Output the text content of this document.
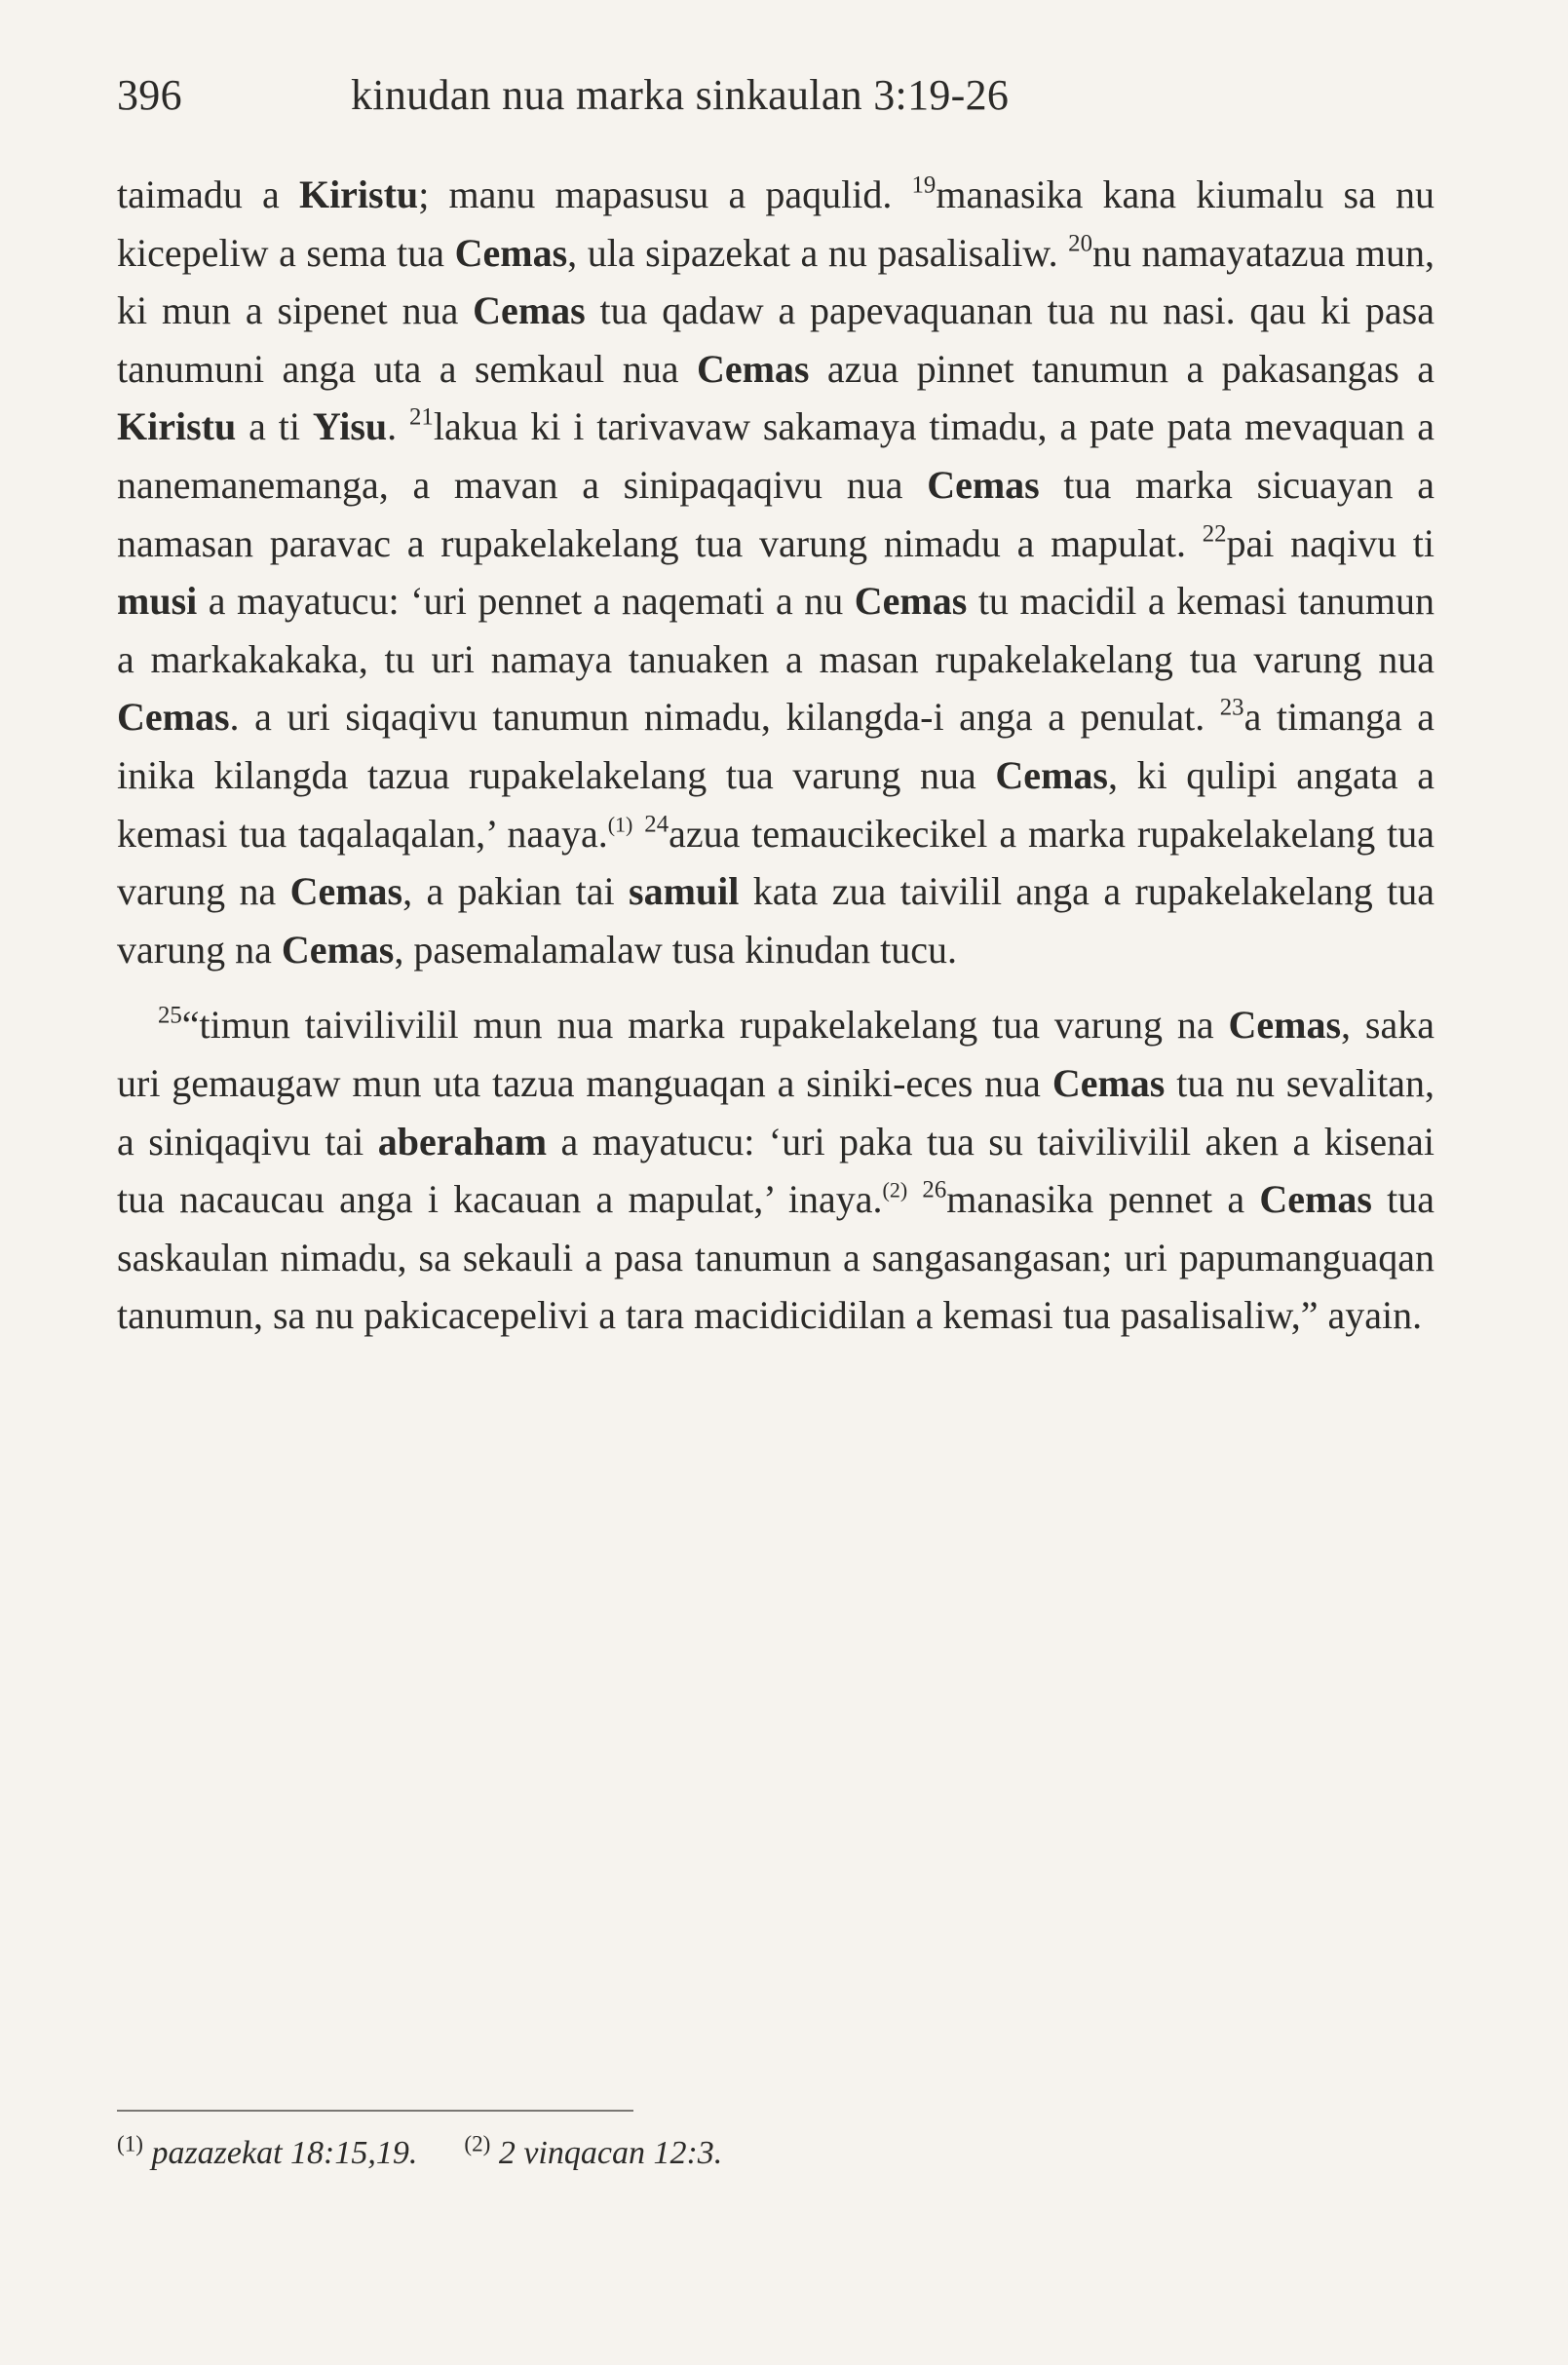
396	kinudan nua marka sinkaulan 3:19-26

taimadu a Kiristu; manu mapasusu a paqulid. $^{19}$manasika kana kiumalu sa nu kicepeliw a sema tua Cemas, ula sipazekat a nu pasalisaliw. $^{20}$nu namayatazua mun, ki mun a sipenet nua Cemas tua qadaw a papevaquanan tua nu nasi. qau ki pasa tanumuni anga uta a semkaul nua Cemas azua pinnet tanumun a pakasangas a Kiristu a ti Yisu. $^{21}$lakua ki i tarivavaw sakamaya timadu, a pate pata mevaquan a nanemanemanga, a mavan a sinipaqaqivu nua Cemas tua marka sicuayan a namasan paravac a rupakelakelang tua varung nimadu a mapulat. $^{22}$pai naqivu ti musi a mayatucu: ‘uri pennet a naqemati a nu Cemas tu macidil a kemasi tanumun a markakakaka, tu uri namaya tanuaken a masan rupakelakelang tua varung nua Cemas. a uri siqaqivu tanumun nimadu, kilangda-i anga a penulat. $^{23}$a timanga a inika kilangda tazua rupakelakelang tua varung nua Cemas, ki qulipi angata a kemasi tua taqalaqalan,’ naaya.$^{(1)}$ $^{24}$azua temaucikecikel a marka rupakelakelang tua varung na Cemas, a pakian tai samuil kata zua taivilil anga a rupakelakelang tua varung na Cemas, pasemalamalaw tusa kinudan tucu.

$^{25}$“timun taivilivilil mun nua marka rupakelakelang tua varung na Cemas, saka uri gemaugaw mun uta tazua manguaqan a siniki-eces nua Cemas tua nu sevalitan, a siniqaqivu tai aberaham a mayatucu: ‘uri paka tua su taivilivilil aken a kisenai tua nacaucau anga i kacauan a mapulat,’ inaya.$^{(2)}$ $^{26}$manasika pennet a Cemas tua saskaulan nimadu, sa sekauli a pasa tanumun a sangasangasan; uri papumanguaqan tanumun, sa nu pakicacepelivi a tara macidicidilan a kemasi tua pasalisaliw,” ayain.

$^{(1)}$ pazazekat 18:15,19. $^{(2)}$ 2 vinqacan 12:3.
